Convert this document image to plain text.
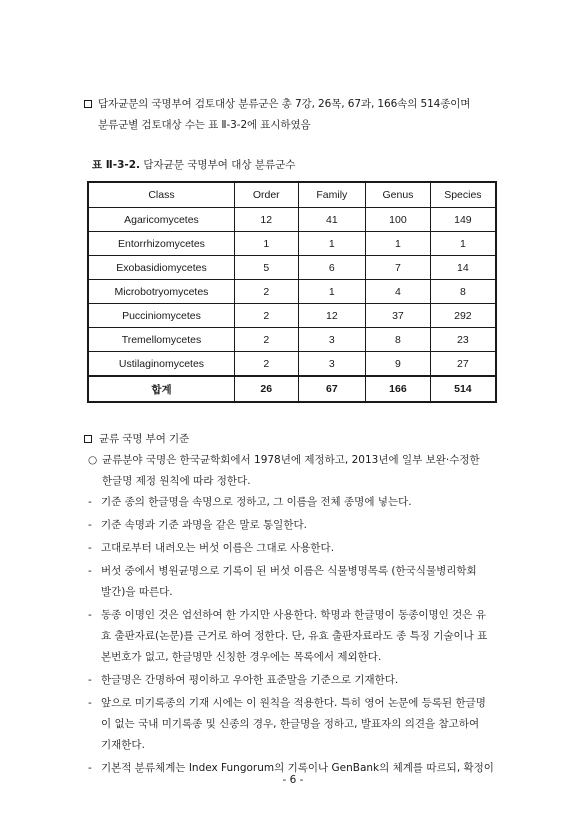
담자균문의 국명부여 검토대상 분류군은 총 7강, 26목, 67과, 166속의 514종이며
분류군별 검토대상 수는 표 Ⅱ-3-2에 표시하였음
표 Ⅱ-3-2. 담자균문 국명부여 대상 분류군수
Class	Order	Family	Genus	Species
Agaricomycetes	12	41	100	149
Entorrhizomycetes	1	1	1	1
Exobasidiomycetes	5	6	7	14
Microbotryomycetes	2	1	4	8
Pucciniomycetes	2	12	37	292
Tremellomycetes	2	3	8	23
Ustilaginomycetes	2	3	9	27
합계	26	67	166	514
균류 국명 부여 기준
○ 균류분야 국명은 한국균학회에서 1978년에 제정하고, 2013년에 일부 보완·수정한
한글명 제정 원칙에 따라 정한다.
- 기준 종의 한글명을 속명으로 정하고, 그 이름을 전체 종명에 넣는다.
- 기준 속명과 기준 과명을 같은 말로 통일한다.
- 고대로부터 내려오는 버섯 이름은 그대로 사용한다.
- 버섯 중에서 병원균명으로 기록이 된 버섯 이름은 식물병명목록 (한국식물병리학회
발간)을 따른다.
- 동종 이명인 것은 엄선하여 한 가지만 사용한다. 학명과 한글명이 동종이명인 것은 유
효 출판자료(논문)를 근거로 하여 정한다. 단, 유효 출판자료라도 종 특징 기술이나 표
본번호가 없고, 한글명만 신칭한 경우에는 목록에서 제외한다.
- 한글명은 간명하여 평이하고 우아한 표준말을 기준으로 기재한다.
- 앞으로 미기록종의 기재 시에는 이 원칙을 적용한다. 특히 영어 논문에 등록된 한글명
이 없는 국내 미기록종 및 신종의 경우, 한글명을 정하고, 발표자의 의견을 참고하여
기재한다.
- 기본적 분류체계는 Index Fungorum의 기록이나 GenBank의 체계를 따르되, 확정이
- 6 -
